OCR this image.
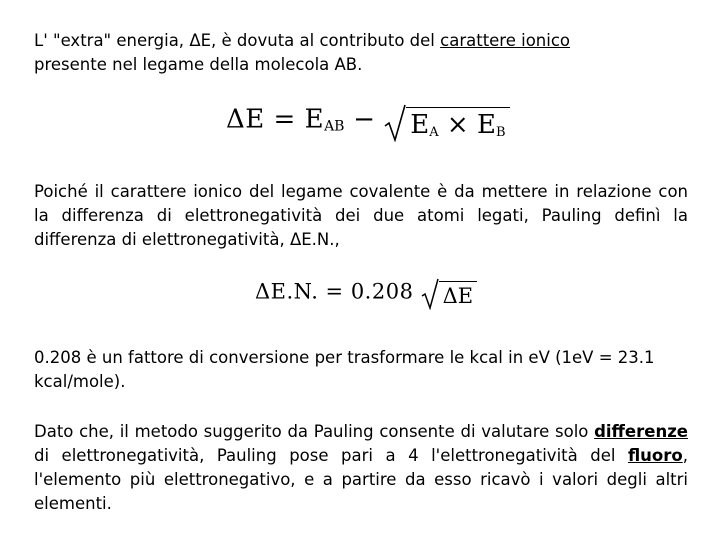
L' "extra" energia, ΔE, è dovuta al contributo del carattere ionico
presente nel legame della molecola AB.

ΔE = EAB − $E_A \times E_B$

Poiché il carattere ionico del legame covalente è da mettere in relazione con la differenza di elettronegatività dei due atomi legati, Pauling definì la differenza di elettronegatività, ΔE.N.,

ΔE.N. = 0.208 ΔE

0.208 è un fattore di conversione per trasformare le kcal in eV (1eV = 23.1 kcal/mole).

Dato che, il metodo suggerito da Pauling consente di valutare solo differenze di elettronegatività, Pauling pose pari a 4 l'elettronegatività del fluoro, l'elemento più elettronegativo, e a partire da esso ricavò i valori degli altri elementi.
